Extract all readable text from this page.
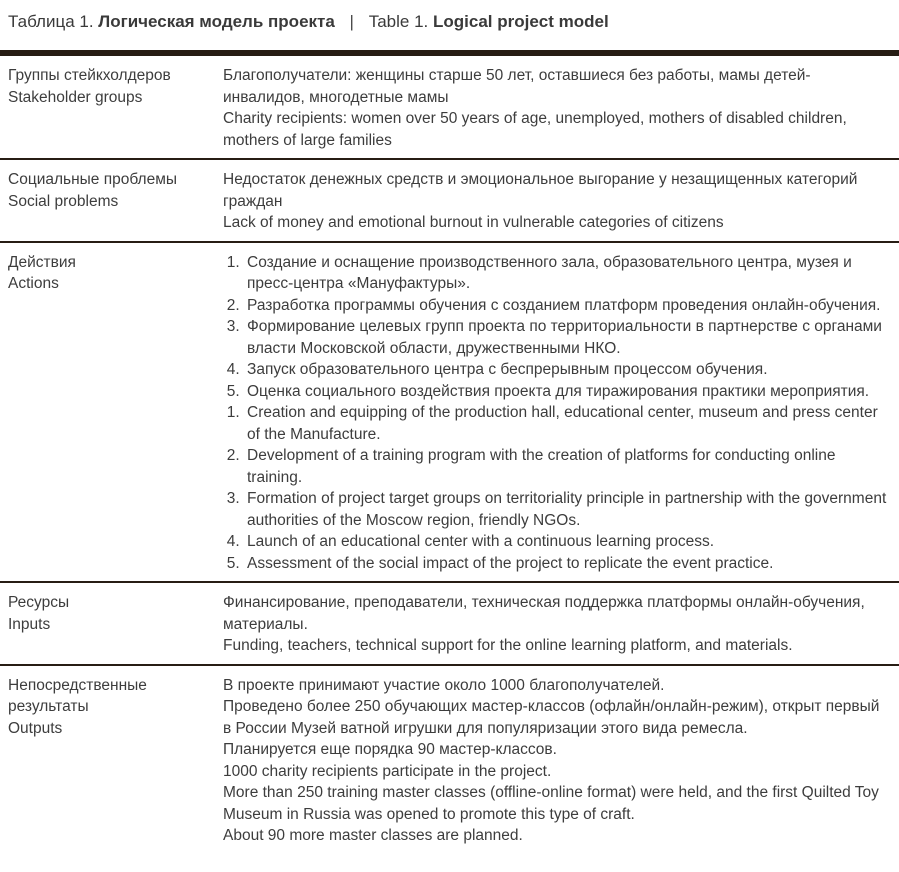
Таблица 1. Логическая модель проекта | Table 1. Logical project model
Группы стейкхолдеров
Stakeholder groups

Благополучатели: женщины старше 50 лет, оставшиеся без работы, мамы детей-инвалидов, многодетные мамы

Charity recipients: women over 50 years of age, unemployed, mothers of disabled children, mothers of large families

Социальные проблемы
Social problems

Недостаток денежных средств и эмоциональное выгорание у незащищенных категорий граждан

Lack of money and emotional burnout in vulnerable categories of citizens

Действия
Actions
1. Создание и оснащение производственного зала, образовательного центра, музея и пресс-центра «Мануфактуры».
2. Разработка программы обучения с созданием платформ проведения онлайн-обучения.
3. Формирование целевых групп проекта по территориальности в партнерстве с органами власти Московской области, дружественными НКО.
4. Запуск образовательного центра с беспрерывным процессом обучения.
5. Оценка социального воздействия проекта для тиражирования практики мероприятия.
1. Creation and equipping of the production hall, educational center, museum and press center of the Manufacture.
2. Development of a training program with the creation of platforms for conducting online training.
3. Formation of project target groups on territoriality principle in partnership with the government authorities of the Moscow region, friendly NGOs.
4. Launch of an educational center with a continuous learning process.
5. Assessment of the social impact of the project to replicate the event practice.
Ресурсы
Inputs

Финансирование, преподаватели, техническая поддержка платформы онлайн-обучения, материалы.

Funding, teachers, technical support for the online learning platform, and materials.

Непосредственные результаты
Outputs

В проекте принимают участие около 1000 благополучателей.

Проведено более 250 обучающих мастер-классов (офлайн/онлайн-режим), открыт первый в России Музей ватной игрушки для популяризации этого вида ремесла.

Планируется еще порядка 90 мастер-классов.

1000 charity recipients participate in the project.

More than 250 training master classes (offline-online format) were held, and the first Quilted Toy Museum in Russia was opened to promote this type of craft.

About 90 more master classes are planned.
